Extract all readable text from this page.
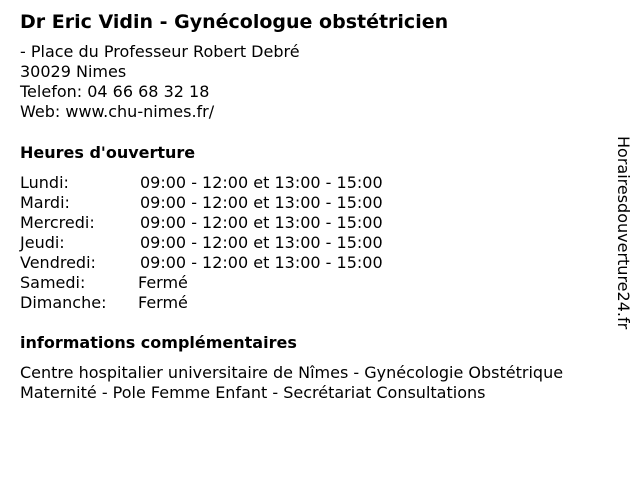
Dr Eric Vidin - Gynécologue obstétricien
- Place du Professeur Robert Debré
30029 Nimes
Telefon: 04 66 68 32 18
Web: www.chu-nimes.fr/
Heures d'ouverture
Lundi:	09:00 - 12:00 et 13:00 - 15:00
Mardi:	09:00 - 12:00 et 13:00 - 15:00
Mercredi:	09:00 - 12:00 et 13:00 - 15:00
Jeudi:	09:00 - 12:00 et 13:00 - 15:00
Vendredi:	09:00 - 12:00 et 13:00 - 15:00
Samedi:	Fermé
Dimanche: Fermé
informations complémentaires
Centre hospitalier universitaire de Nîmes - Gynécologie Obstétrique
Maternité - Pole Femme Enfant - Secrétariat Consultations
Horairesdouverture24.fr
